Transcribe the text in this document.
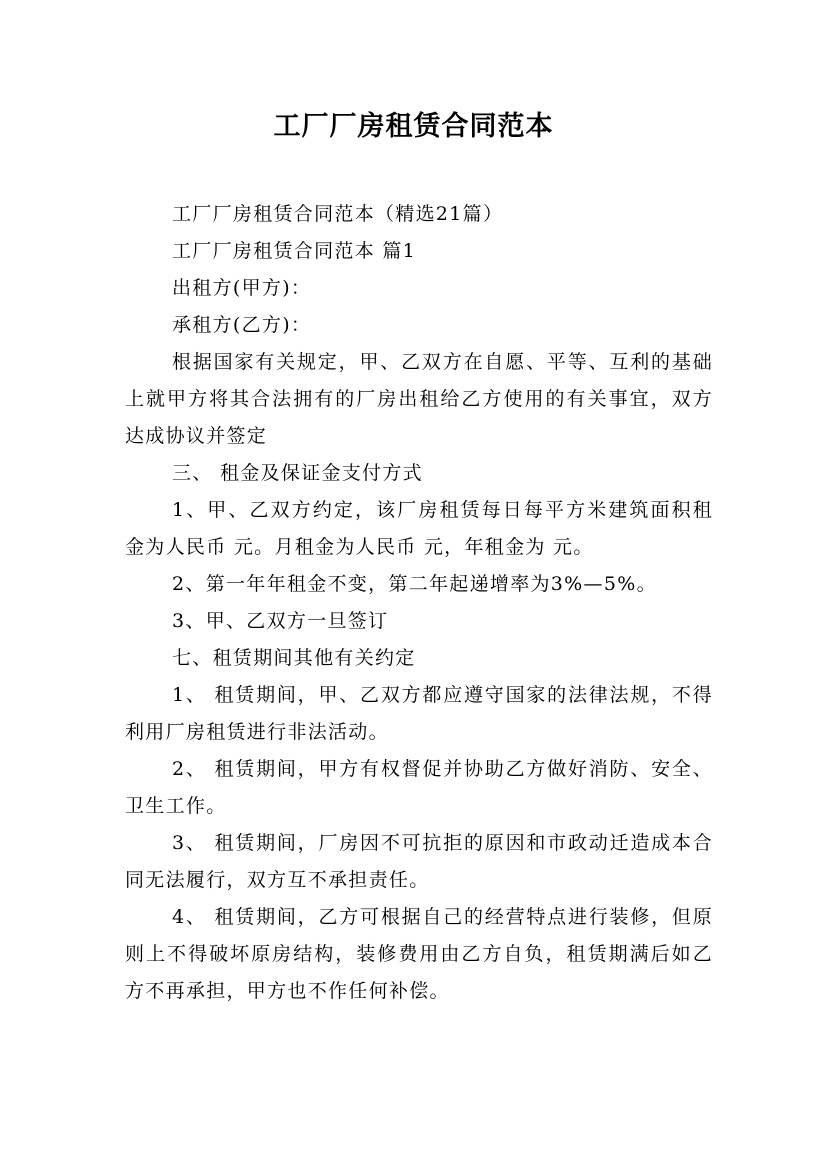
工厂厂房租赁合同范本

工厂厂房租赁合同范本（精选21篇）

工厂厂房租赁合同范本 篇1

出租方(甲方)：

承租方(乙方)：

根据国家有关规定，甲、乙双方在自愿、平等、互利的基础上就甲方将其合法拥有的厂房出租给乙方使用的有关事宜，双方达成协议并签定

三、 租金及保证金支付方式

1、甲、乙双方约定，该厂房租赁每日每平方米建筑面积租金为人民币 元。月租金为人民币 元，年租金为 元。

2、第一年年租金不变，第二年起递增率为3%—5%。

3、甲、乙双方一旦签订

七、租赁期间其他有关约定

1、 租赁期间，甲、乙双方都应遵守国家的法律法规，不得利用厂房租赁进行非法活动。

2、 租赁期间，甲方有权督促并协助乙方做好消防、安全、卫生工作。

3、 租赁期间，厂房因不可抗拒的原因和市政动迁造成本合同无法履行，双方互不承担责任。

4、 租赁期间，乙方可根据自己的经营特点进行装修，但原则上不得破坏原房结构，装修费用由乙方自负，租赁期满后如乙方不再承担，甲方也不作任何补偿。
